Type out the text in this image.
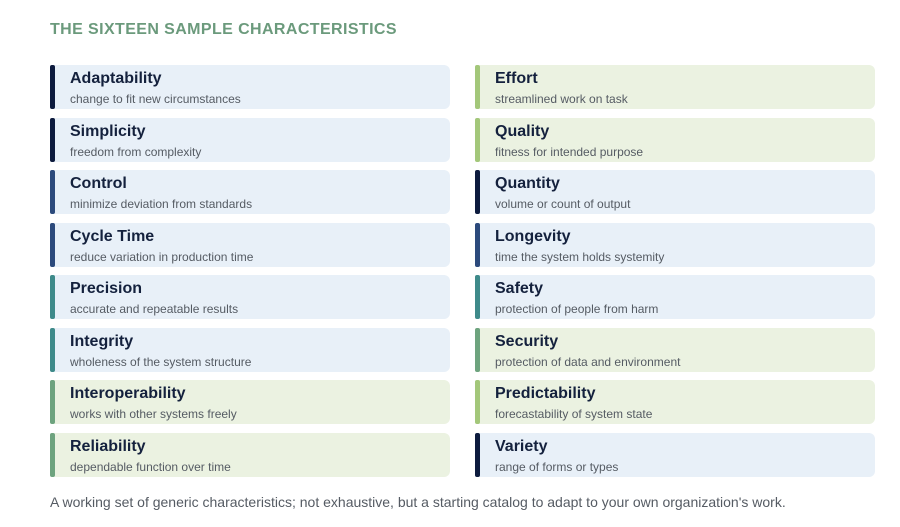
THE SIXTEEN SAMPLE CHARACTERISTICS
Adaptability
change to fit new circumstances
Effort
streamlined work on task
Simplicity
freedom from complexity
Quality
fitness for intended purpose
Control
minimize deviation from standards
Quantity
volume or count of output
Cycle Time
reduce variation in production time
Longevity
time the system holds systemity
Precision
accurate and repeatable results
Safety
protection of people from harm
Integrity
wholeness of the system structure
Security
protection of data and environment
Interoperability
works with other systems freely
Predictability
forecastability of system state
Reliability
dependable function over time
Variety
range of forms or types
A working set of generic characteristics; not exhaustive, but a starting catalog to adapt to your own organization's work.
